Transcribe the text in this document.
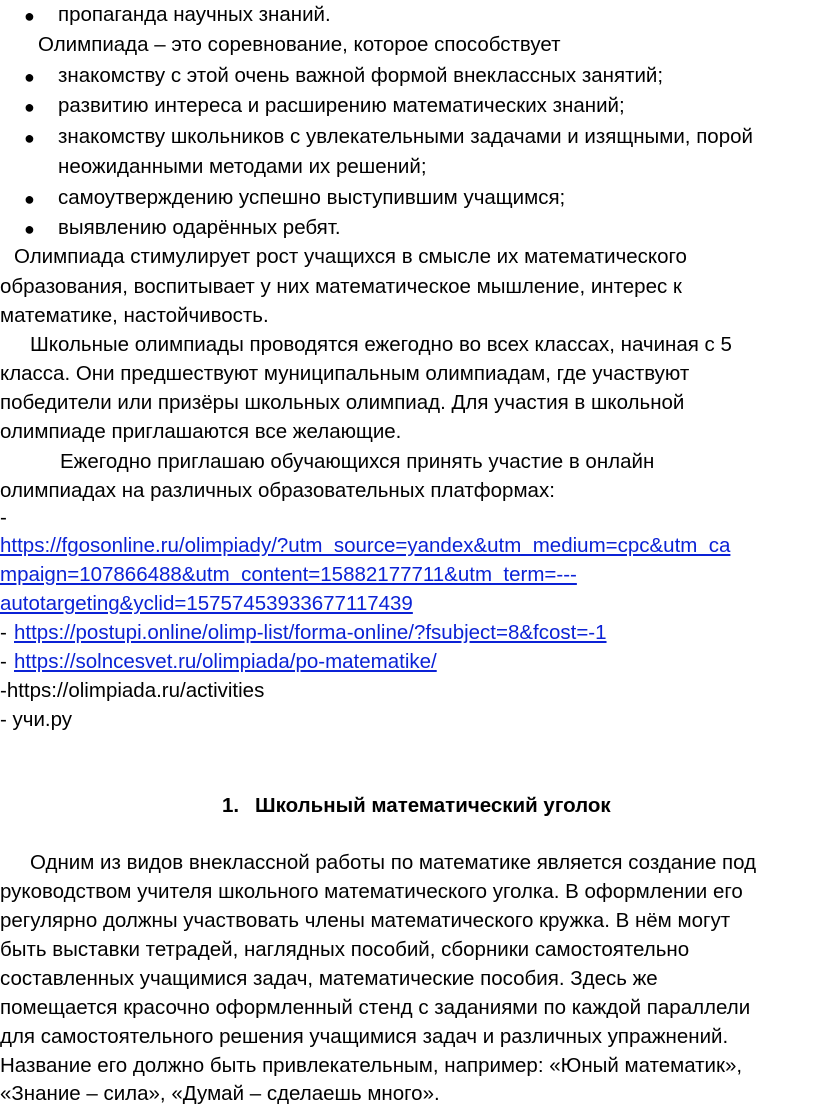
● пропаганда научных знаний.
Олимпиада – это соревнование, которое способствует
● знакомству с этой очень важной формой внеклассных занятий;
● развитию интереса и расширению математических знаний;
● знакомству школьников с увлекательными задачами и изящными, порой
неожиданными методами их решений;
● самоутверждению успешно выступившим учащимся;
● выявлению одарённых ребят.
Олимпиада стимулирует рост учащихся в смысле их математического
образования, воспитывает у них математическое мышление, интерес к
математике, настойчивость.
Школьные олимпиады проводятся ежегодно во всех классах, начиная с 5
класса. Они предшествуют муниципальным олимпиадам, где участвуют
победители или призёры школьных олимпиад. Для участия в школьной
олимпиаде приглашаются все желающие.
Ежегодно приглашаю обучающихся принять участие в онлайн
олимпиадах на различных образовательных платформах:
-
https://fgosonline.ru/olimpiady/?utm_source=yandex&utm_medium=cpc&utm_ca
mpaign=107866488&utm_content=15882177711&utm_term=---
autotargeting&yclid=15757453933677117439
- https://postupi.online/olimp-list/forma-online/?fsubject=8&fcost=-1
- https://solncesvet.ru/olimpiada/po-matematike/
-https://olimpiada.ru/activities
- учи.ру
1. Школьный математический уголок
Одним из видов внеклассной работы по математике является создание под
руководством учителя школьного математического уголка. В оформлении его
регулярно должны участвовать члены математического кружка. В нём могут
быть выставки тетрадей, наглядных пособий, сборники самостоятельно
составленных учащимися задач, математические пособия. Здесь же
помещается красочно оформленный стенд с заданиями по каждой параллели
для самостоятельного решения учащимися задач и различных упражнений.
Название его должно быть привлекательным, например: «Юный математик»,
«Знание – сила», «Думай – сделаешь много».
